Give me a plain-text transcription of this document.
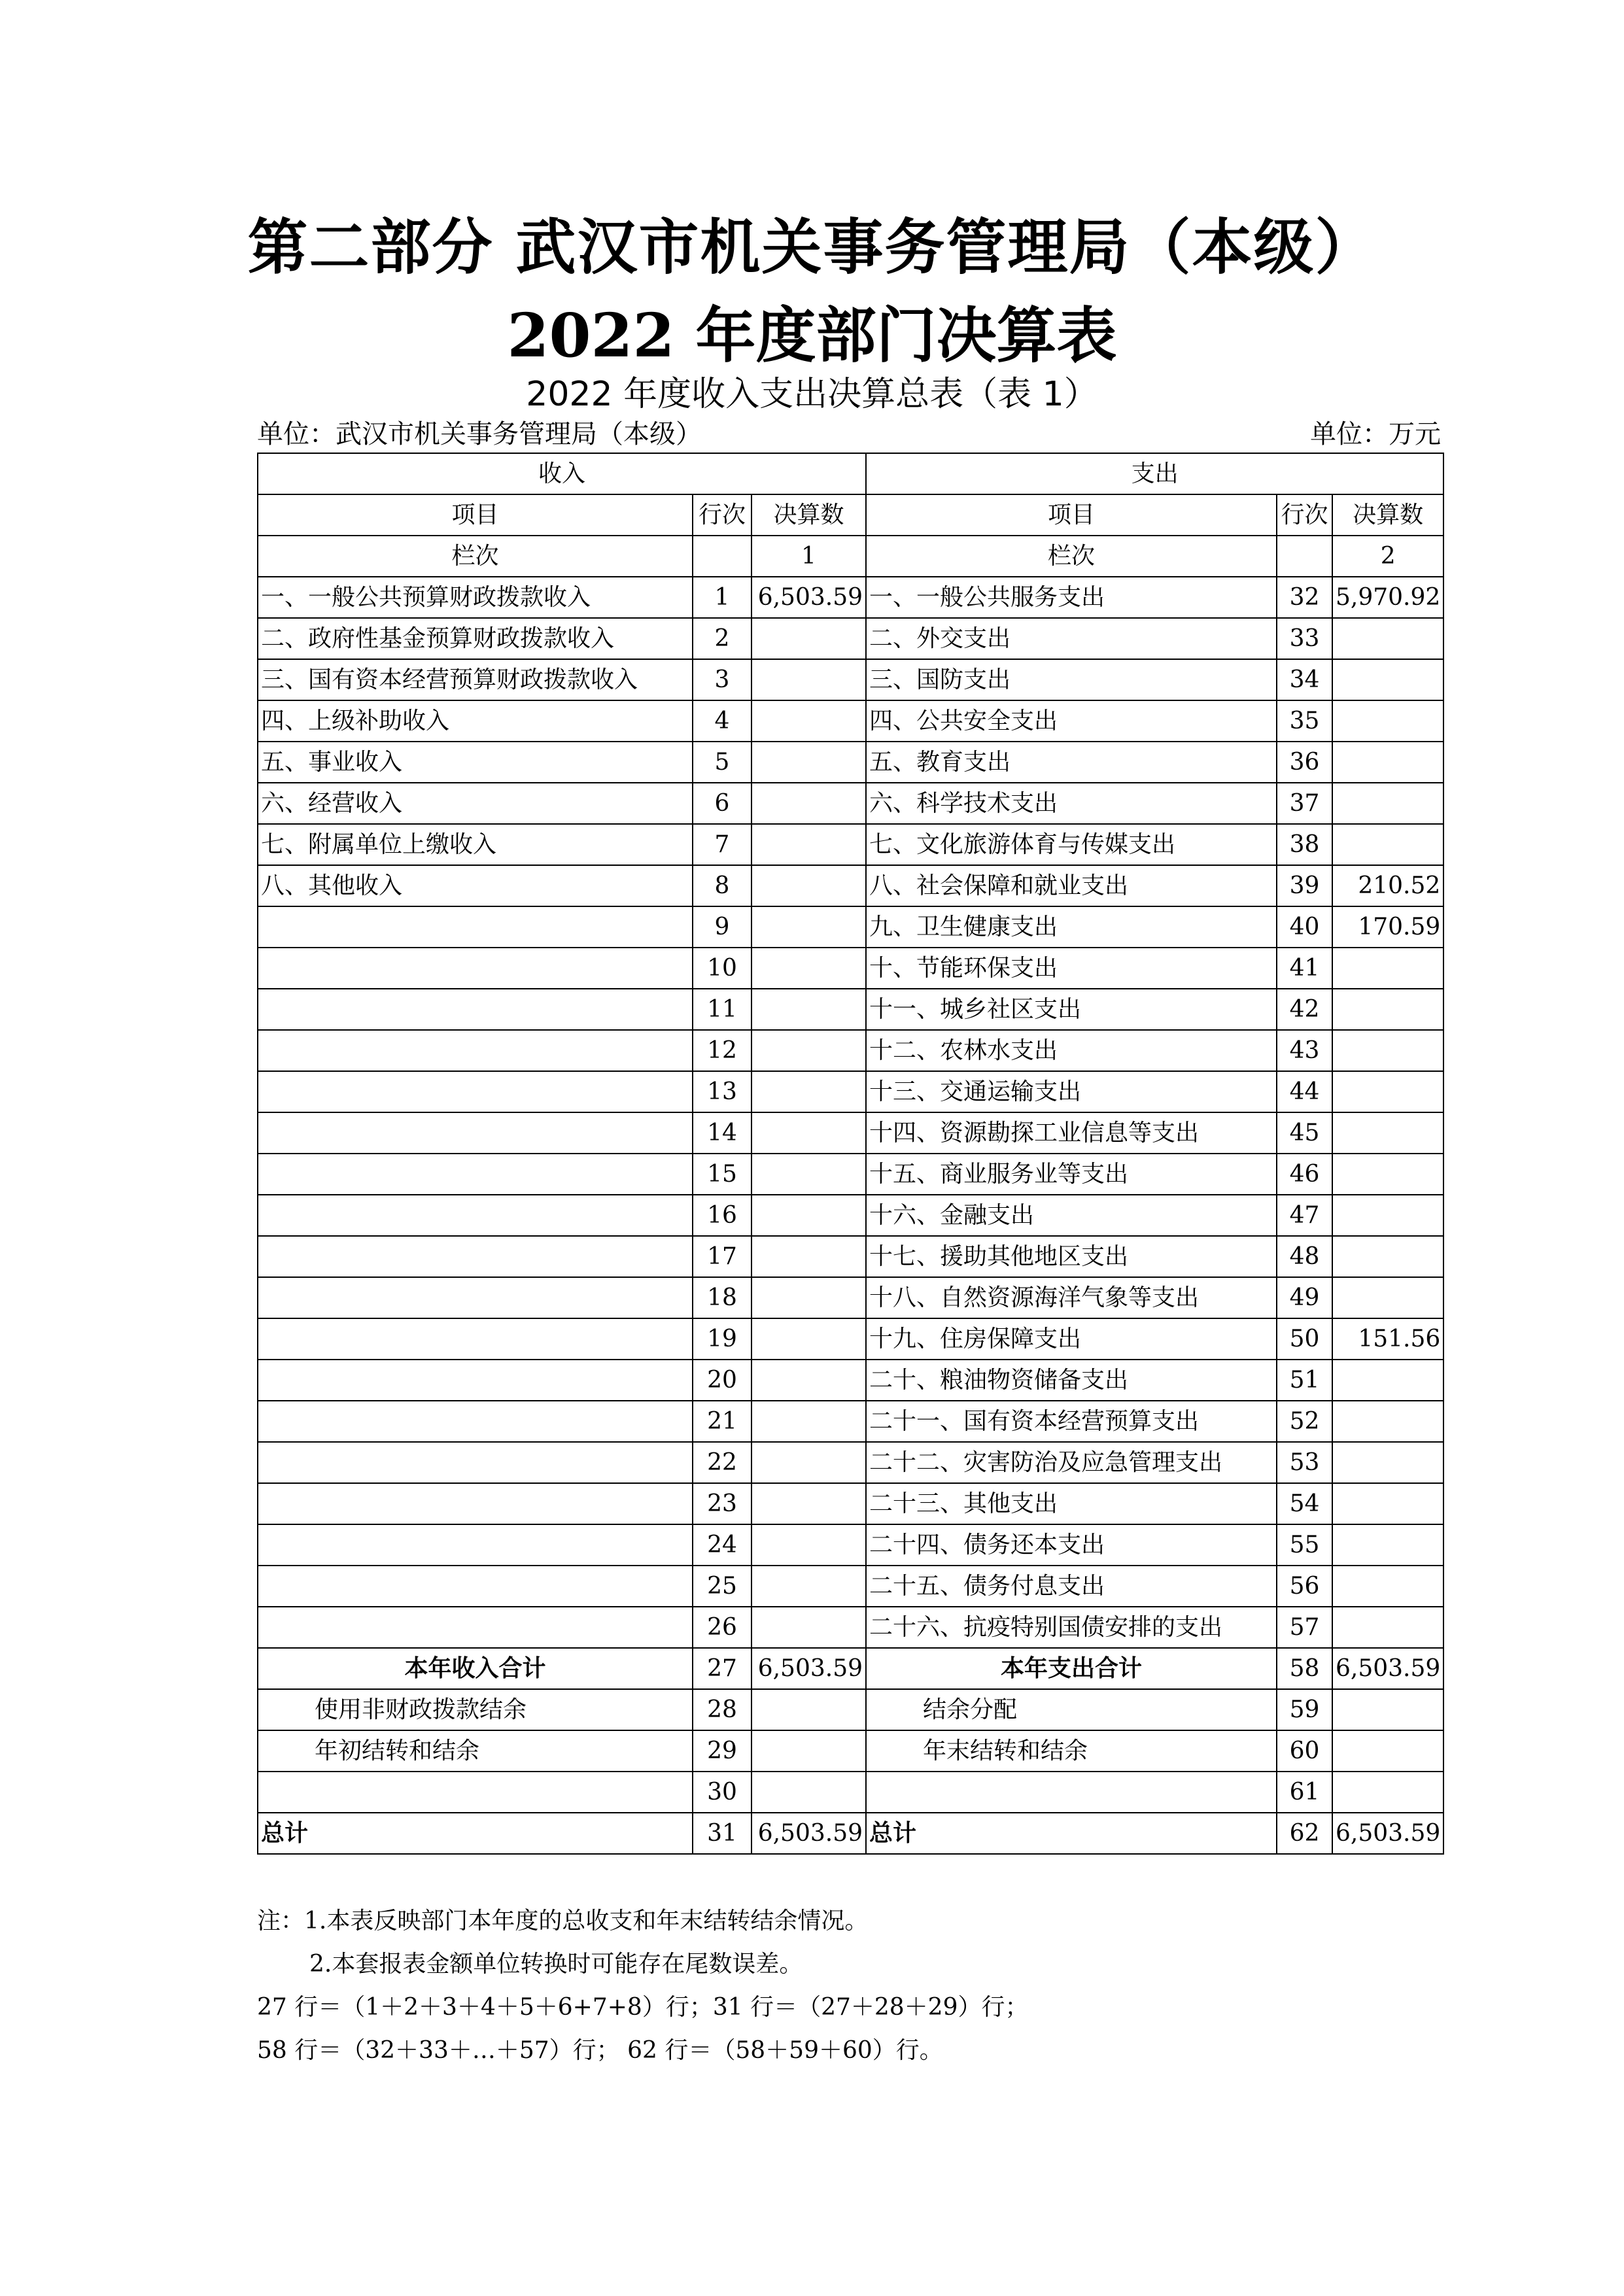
第二部分 武汉市机关事务管理局（本级）
2022 年度部门决算表
2022 年度收入支出决算总表（表 1）
单位：武汉市机关事务管理局（本级）	单位：万元
收入			支出		
项目	行次	决算数	项目	行次	决算数
栏次		1	栏次		2
一、一般公共预算财政拨款收入	1	6,503.59	一、一般公共服务支出	32	5,970.92
二、政府性基金预算财政拨款收入	2		二、外交支出	33	
三、国有资本经营预算财政拨款收入	3		三、国防支出	34	
四、上级补助收入	4		四、公共安全支出	35	
五、事业收入	5		五、教育支出	36	
六、经营收入	6		六、科学技术支出	37	
七、附属单位上缴收入	7		七、文化旅游体育与传媒支出	38	
八、其他收入	8		八、社会保障和就业支出	39	210.52
	9		九、卫生健康支出	40	170.59
	10		十、节能环保支出	41	
	11		十一、城乡社区支出	42	
	12		十二、农林水支出	43	
	13		十三、交通运输支出	44	
	14		十四、资源勘探工业信息等支出	45	
	15		十五、商业服务业等支出	46	
	16		十六、金融支出	47	
	17		十七、援助其他地区支出	48	
	18		十八、自然资源海洋气象等支出	49	
	19		十九、住房保障支出	50	151.56
	20		二十、粮油物资储备支出	51	
	21		二十一、国有资本经营预算支出	52	
	22		二十二、灾害防治及应急管理支出	53	
	23		二十三、其他支出	54	
	24		二十四、债务还本支出	55	
	25		二十五、债务付息支出	56	
	26		二十六、抗疫特别国债安排的支出	57	
本年收入合计	27	6,503.59	本年支出合计	58	6,503.59
使用非财政拨款结余	28		结余分配	59	
年初结转和结余	29		年末结转和结余	60	
	30			61	
总计	31	6,503.59	总计	62	6,503.59
注：1.本表反映部门本年度的总收支和年末结转结余情况。
2.本套报表金额单位转换时可能存在尾数误差。
27 行＝（1＋2＋3＋4＋5＋6+7+8）行；31 行＝（27＋28＋29）行；
58 行＝（32＋33＋…＋57）行； 62 行＝（58＋59＋60）行。
